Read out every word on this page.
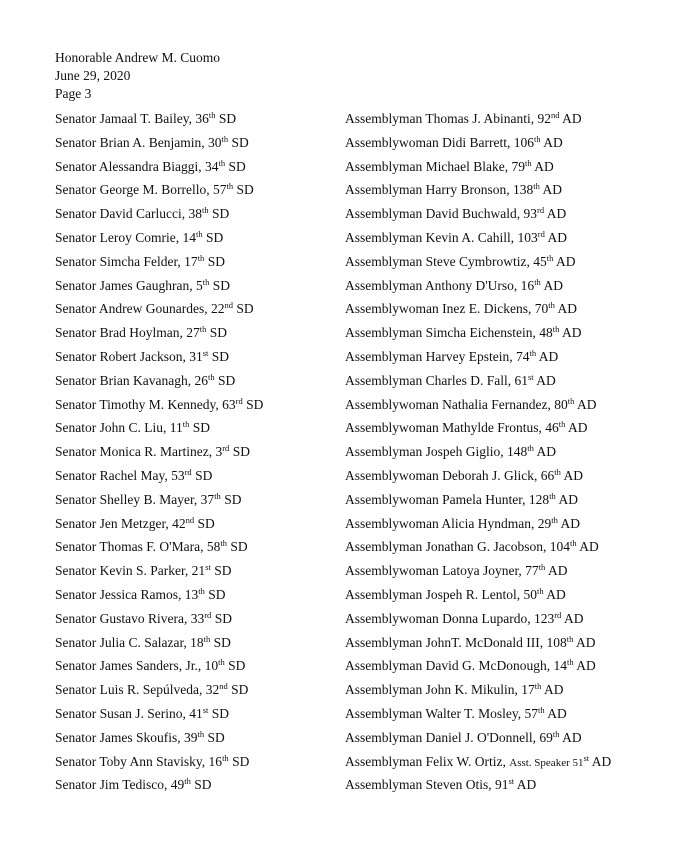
Honorable Andrew M. Cuomo
June 29, 2020
Page 3
Senator Jamaal T. Bailey, 36th SD
Senator Brian A. Benjamin, 30th SD
Senator Alessandra Biaggi, 34th SD
Senator George M. Borrello, 57th SD
Senator David Carlucci, 38th SD
Senator Leroy Comrie, 14th SD
Senator Simcha Felder, 17th SD
Senator James Gaughran, 5th SD
Senator Andrew Gounardes, 22nd SD
Senator Brad Hoylman, 27th SD
Senator Robert Jackson, 31st SD
Senator Brian Kavanagh, 26th SD
Senator Timothy M. Kennedy, 63rd SD
Senator John C. Liu, 11th SD
Senator Monica R. Martinez, 3rd SD
Senator Rachel May, 53rd SD
Senator Shelley B. Mayer, 37th SD
Senator Jen Metzger, 42nd SD
Senator Thomas F. O'Mara, 58th SD
Senator Kevin S. Parker, 21st SD
Senator Jessica Ramos, 13th SD
Senator Gustavo Rivera, 33rd SD
Senator Julia C. Salazar, 18th SD
Senator James Sanders, Jr., 10th SD
Senator Luis R. Sepúlveda, 32nd SD
Senator Susan J. Serino, 41st SD
Senator James Skoufis, 39th SD
Senator Toby Ann Stavisky, 16th SD
Senator Jim Tedisco, 49th SD
Assemblyman Thomas J. Abinanti, 92nd AD
Assemblywoman Didi Barrett, 106th AD
Assemblyman Michael Blake, 79th AD
Assemblyman Harry Bronson, 138th AD
Assemblyman David Buchwald, 93rd AD
Assemblyman Kevin A. Cahill, 103rd AD
Assemblyman Steve Cymbrowtiz, 45th AD
Assemblyman Anthony D'Urso, 16th AD
Assemblywoman Inez E. Dickens, 70th AD
Assemblyman Simcha Eichenstein, 48th AD
Assemblyman Harvey Epstein, 74th AD
Assemblyman Charles D. Fall, 61st AD
Assemblywoman Nathalia Fernandez, 80th AD
Assemblywoman Mathylde Frontus, 46th AD
Assemblyman Jospeh Giglio, 148th AD
Assemblywoman Deborah J. Glick, 66th AD
Assemblywoman Pamela Hunter, 128th AD
Assemblywoman Alicia Hyndman, 29th AD
Assemblyman Jonathan G. Jacobson, 104th AD
Assemblywoman Latoya Joyner, 77th AD
Assemblyman Jospeh R. Lentol, 50th AD
Assemblywoman Donna Lupardo, 123rd AD
Assemblyman JohnT. McDonald III, 108th AD
Assemblyman David G. McDonough, 14th AD
Assemblyman John K. Mikulin, 17th AD
Assemblyman Walter T. Mosley, 57th AD
Assemblyman Daniel J. O'Donnell, 69th AD
Assemblyman Felix W. Ortiz, Asst. Speaker 51st AD
Assemblyman Steven Otis, 91st AD
